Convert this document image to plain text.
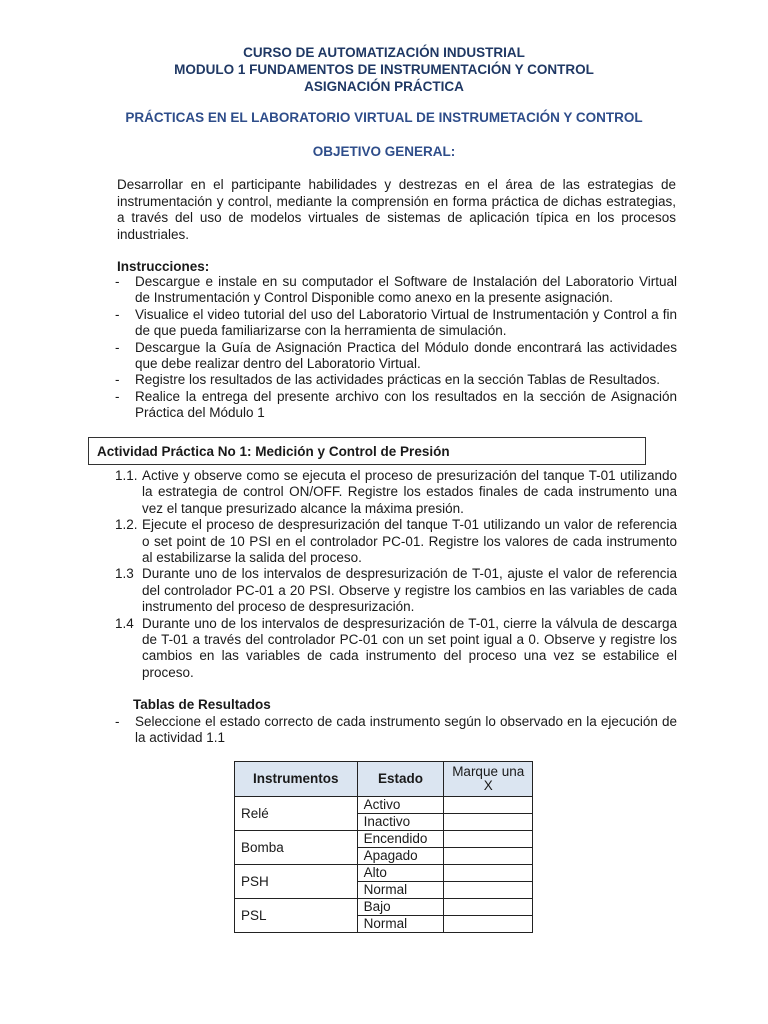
CURSO DE AUTOMATIZACIÓN INDUSTRIAL
MODULO 1 FUNDAMENTOS DE INSTRUMENTACIÓN Y CONTROL
ASIGNACIÓN PRÁCTICA
PRÁCTICAS EN EL LABORATORIO VIRTUAL DE INSTRUMETACIÓN Y CONTROL
OBJETIVO GENERAL:
Desarrollar en el participante habilidades y destrezas en el área de las estrategias de instrumentación y control, mediante la comprensión en forma práctica de dichas estrategias, a través del uso de modelos virtuales de sistemas de aplicación típica en los procesos industriales.
Instrucciones:
- Descargue e instale en su computador el Software de Instalación del Laboratorio Virtual de Instrumentación y Control Disponible como anexo en la presente asignación.
- Visualice el video tutorial del uso del Laboratorio Virtual de Instrumentación y Control a fin de que pueda familiarizarse con la herramienta de simulación.
- Descargue la Guía de Asignación Practica del Módulo donde encontrará las actividades que debe realizar dentro del Laboratorio Virtual.
- Registre los resultados de las actividades prácticas en la sección Tablas de Resultados.
- Realice la entrega del presente archivo con los resultados en la sección de Asignación Práctica del Módulo 1
Actividad Práctica No 1: Medición y Control de Presión
1.1. Active y observe como se ejecuta el proceso de presurización del tanque T-01 utilizando la estrategia de control ON/OFF. Registre los estados finales de cada instrumento una vez el tanque presurizado alcance la máxima presión.
1.2. Ejecute el proceso de despresurización del tanque T-01 utilizando un valor de referencia o set point de 10 PSI en el controlador PC-01. Registre los valores de cada instrumento al estabilizarse la salida del proceso.
1.3 Durante uno de los intervalos de despresurización de T-01, ajuste el valor de referencia del controlador PC-01 a 20 PSI. Observe y registre los cambios en las variables de cada instrumento del proceso de despresurización.
1.4 Durante uno de los intervalos de despresurización de T-01, cierre la válvula de descarga de T-01 a través del controlador PC-01 con un set point igual a 0. Observe y registre los cambios en las variables de cada instrumento del proceso una vez se estabilice el proceso.
Tablas de Resultados
- Seleccione el estado correcto de cada instrumento según lo observado en la ejecución de la actividad 1.1
Instrumentos	Estado	Marque una X
Relé	Activo	
	Inactivo	
Bomba	Encendido	
	Apagado	
PSH	Alto	
	Normal	
PSL	Bajo	
	Normal	
